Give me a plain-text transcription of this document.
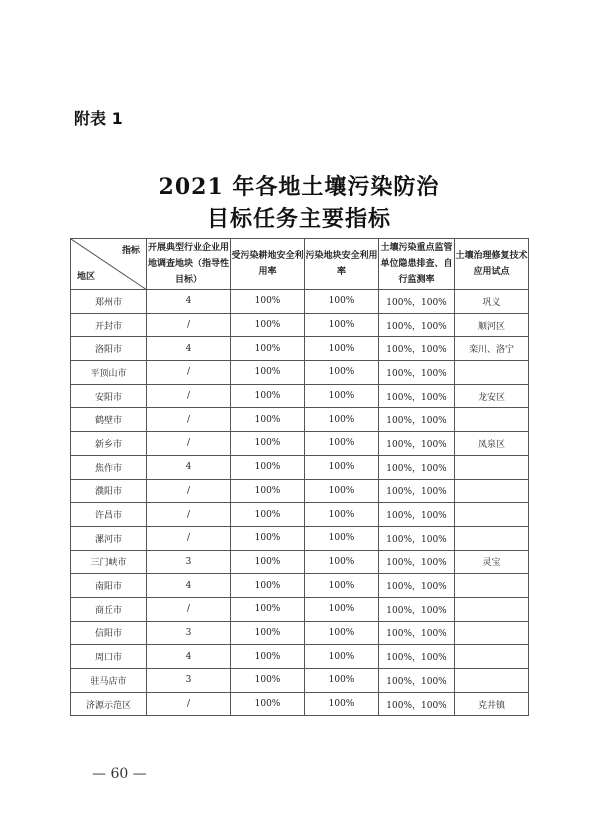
附表 1
2021 年各地土壤污染防治
目标任务主要指标
指标
地区	开展典型行业企业用地调查地块（指导性目标）	受污染耕地安全利用率	污染地块安全利用率	土壤污染重点监管单位隐患排查、自行监测率	土壤治理修复技术应用试点
郑州市	4	100%	100%	100%，100%	巩义
开封市	/	100%	100%	100%，100%	顺河区
洛阳市	4	100%	100%	100%，100%	栾川、洛宁
平顶山市	/	100%	100%	100%，100%	
安阳市	/	100%	100%	100%，100%	龙安区
鹤壁市	/	100%	100%	100%，100%	
新乡市	/	100%	100%	100%，100%	凤泉区
焦作市	4	100%	100%	100%，100%	
濮阳市	/	100%	100%	100%，100%	
许昌市	/	100%	100%	100%，100%	
漯河市	/	100%	100%	100%，100%	
三门峡市	3	100%	100%	100%，100%	灵宝
南阳市	4	100%	100%	100%，100%	
商丘市	/	100%	100%	100%，100%	
信阳市	3	100%	100%	100%，100%	
周口市	4	100%	100%	100%，100%	
驻马店市	3	100%	100%	100%，100%	
济源示范区	/	100%	100%	100%，100%	克井镇
— 60 —
